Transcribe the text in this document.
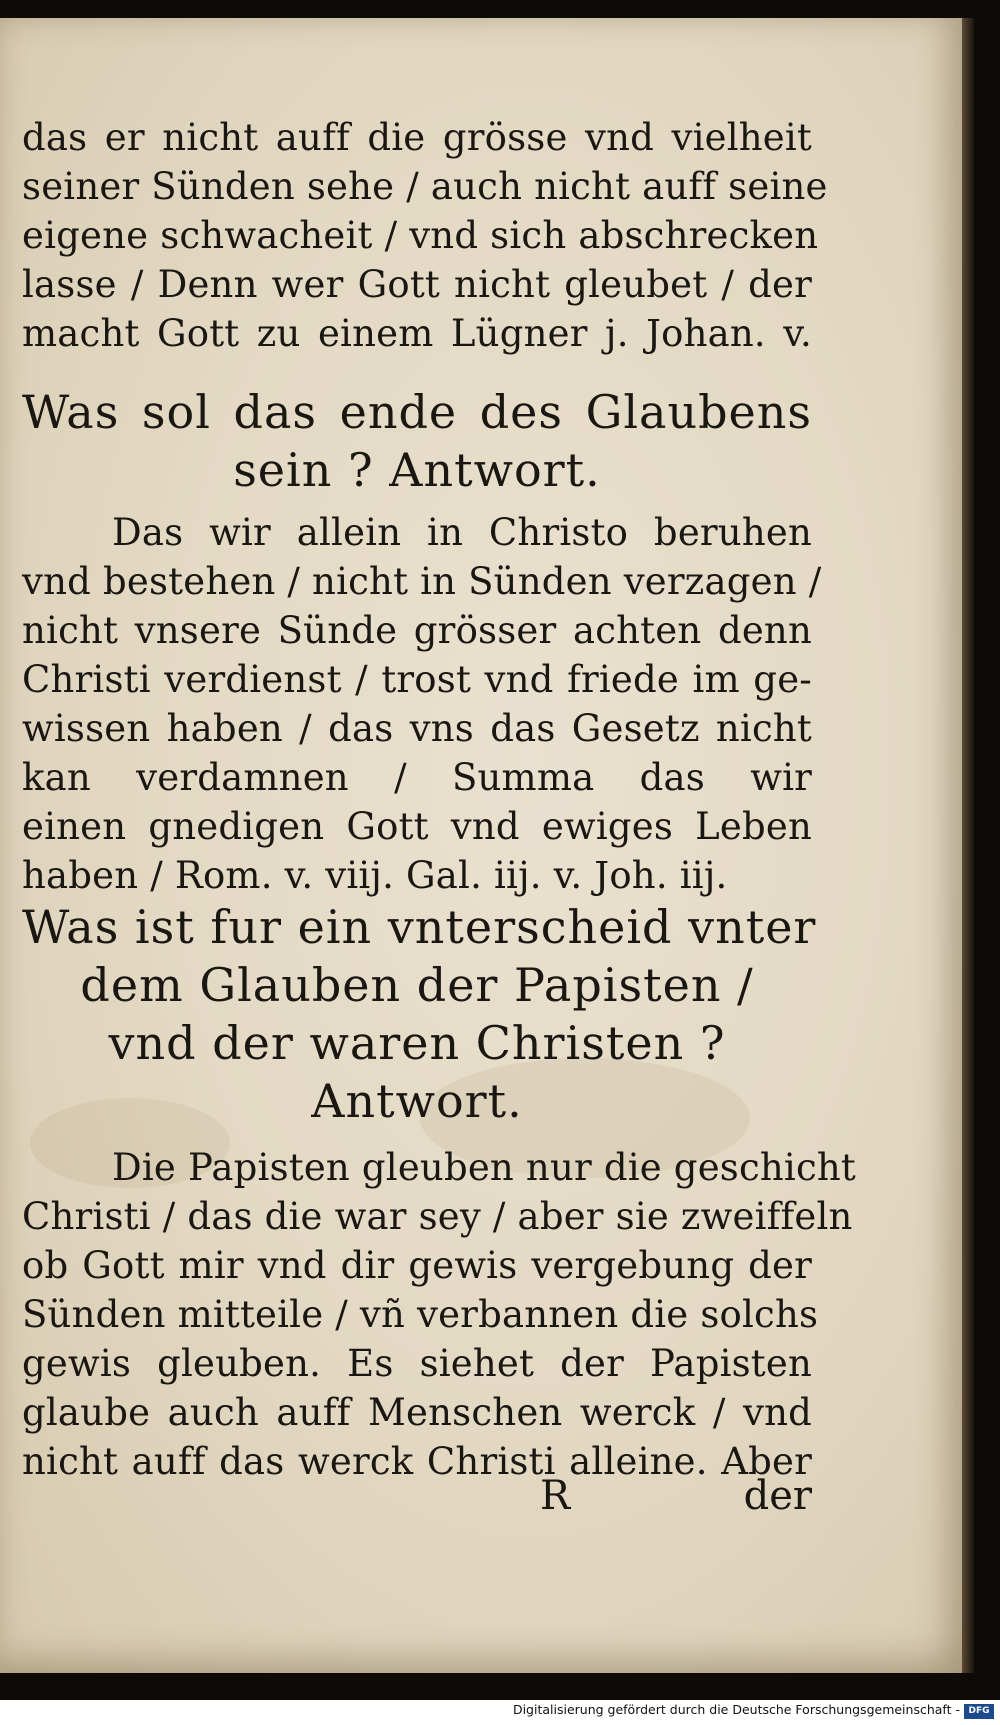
das er nicht auff die grösse vnd vielheit
seiner Sünden sehe / auch nicht auff seine
eigene schwacheit / vnd sich abschrecken
lasse / Denn wer Gott nicht gleubet / der
macht Gott zu einem Lügner j. Johan. v.
Was sol das ende des Glaubens
sein ? Antwort.
Das wir allein in Christo beruhen
vnd bestehen / nicht in Sünden verzagen /
nicht vnsere Sünde grösser achten denn
Christi verdienst / trost vnd friede im ge-
wissen haben / das vns das Gesetz nicht
kan verdamnen / Summa das wir
einen gnedigen Gott vnd ewiges Leben
haben / Rom. v. viij. Gal. iij. v. Joh. iij.
Was ist fur ein vnterscheid vnter
dem Glauben der Papisten /
vnd der waren Christen ?
Antwort.
Die Papisten gleuben nur die geschicht
Christi / das die war sey / aber sie zweiffeln
ob Gott mir vnd dir gewis vergebung der
Sünden mitteile / vñ verbannen die solchs
gewis gleuben. Es siehet der Papisten
glaube auch auff Menschen werck / vnd
nicht auff das werck Christi alleine. Aber
R	der
Digitalisierung gefördert durch die Deutsche Forschungsgemeinschaft - DFG
